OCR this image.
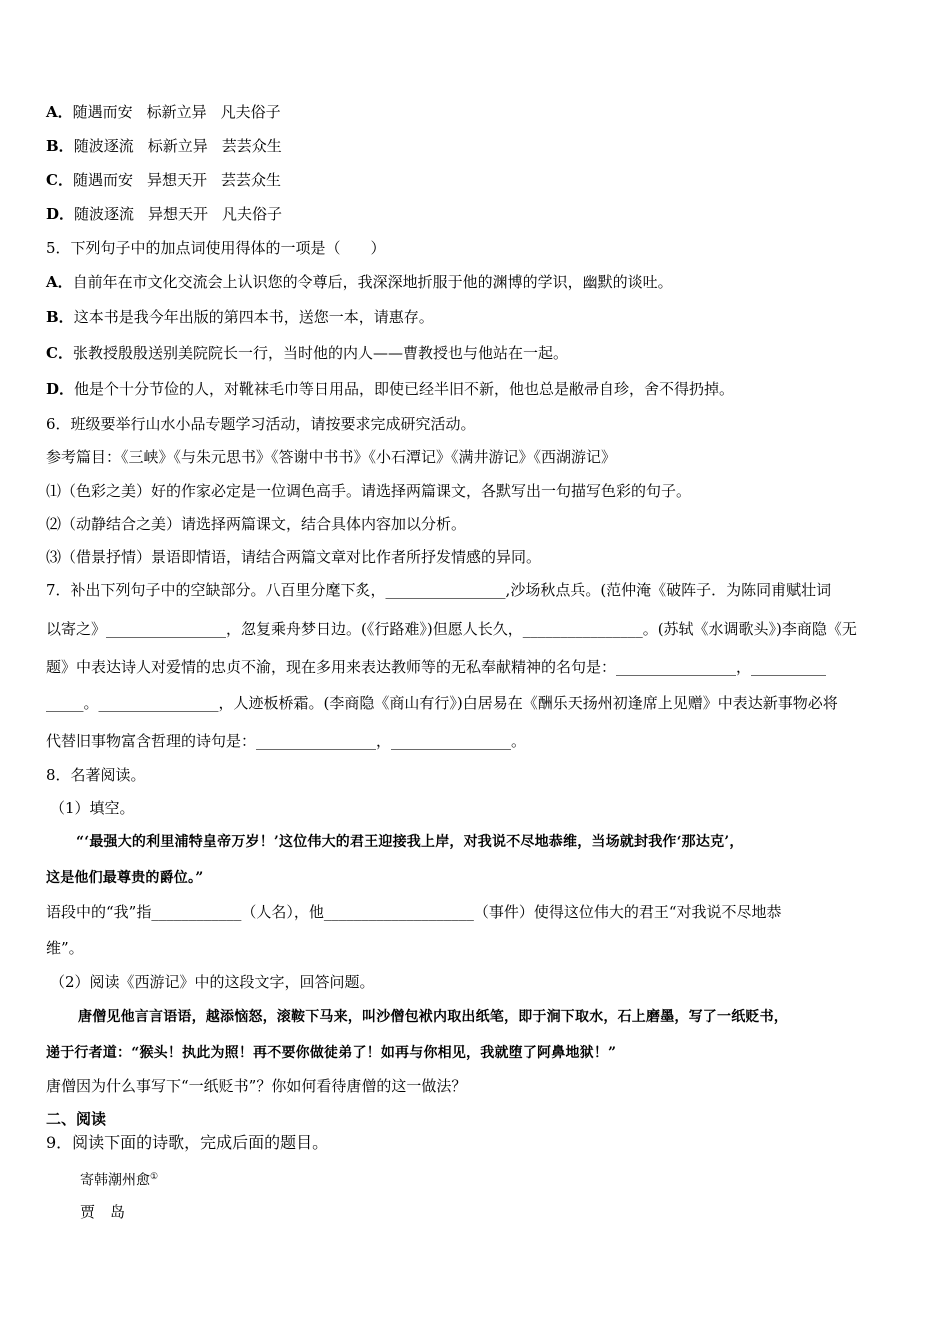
A．随遇而安 标新立异 凡夫俗子
B．随波逐流 标新立异 芸芸众生
C．随遇而安 异想天开 芸芸众生
D．随波逐流 异想天开 凡夫俗子
5．下列句子中的加点词使用得体的一项是（　　）
A．自前年在市文化交流会上认识您的令尊后，我深深地折服于他的渊博的学识，幽默的谈吐。
B．这本书是我今年出版的第四本书，送您一本，请惠存。
C．张教授殷殷送别美院院长一行，当时他的内人——曹教授也与他站在一起。
D．他是个十分节俭的人，对靴袜毛巾等日用品，即使已经半旧不新，他也总是敝帚自珍，舍不得扔掉。
6．班级要举行山水小品专题学习活动，请按要求完成研究活动。
参考篇目：《三峡》《与朱元思书》《答谢中书书》《小石潭记》《满井游记》《西湖游记》
⑴（色彩之美）好的作家必定是一位调色高手。请选择两篇课文，各默写出一句描写色彩的句子。
⑵（动静结合之美）请选择两篇课文，结合具体内容加以分析。
⑶（借景抒情）景语即情语，请结合两篇文章对比作者所抒发情感的异同。
7．补出下列句子中的空缺部分。八百里分麾下炙，________________,沙场秋点兵。(范仲淹《破阵子．为陈同甫赋壮词
以寄之》________________，忽复乘舟梦日边。(《行路难》)但愿人长久，________________。(苏轼《水调歌头》)李商隐《无
题》中表达诗人对爱情的忠贞不渝，现在多用来表达教师等的无私奉献精神的名句是：________________，__________
_____。________________，人迹板桥霜。(李商隐《商山有行》)白居易在《酬乐天扬州初逢席上见赠》中表达新事物必将
代替旧事物富含哲理的诗句是：________________，________________。
8．名著阅读。
（1）填空。
“‘最强大的利里浦特皇帝万岁！’这位伟大的君王迎接我上岸，对我说不尽地恭维，当场就封我作‘那达克’，
这是他们最尊贵的爵位。”
语段中的“我”指____________（人名），他____________________（事件）使得这位伟大的君王“对我说不尽地恭
维”。
（2）阅读《西游记》中的这段文字，回答问题。
唐僧见他言言语语，越添恼怒，滚鞍下马来，叫沙僧包袱内取出纸笔，即于涧下取水，石上磨墨，写了一纸贬书，
递于行者道：“猴头！执此为照！再不要你做徒弟了！如再与你相见，我就堕了阿鼻地狱！”
唐僧因为什么事写下“一纸贬书”？你如何看待唐僧的这一做法？
二、阅读
9．阅读下面的诗歌，完成后面的题目。
寄韩潮州愈①
贾　岛
